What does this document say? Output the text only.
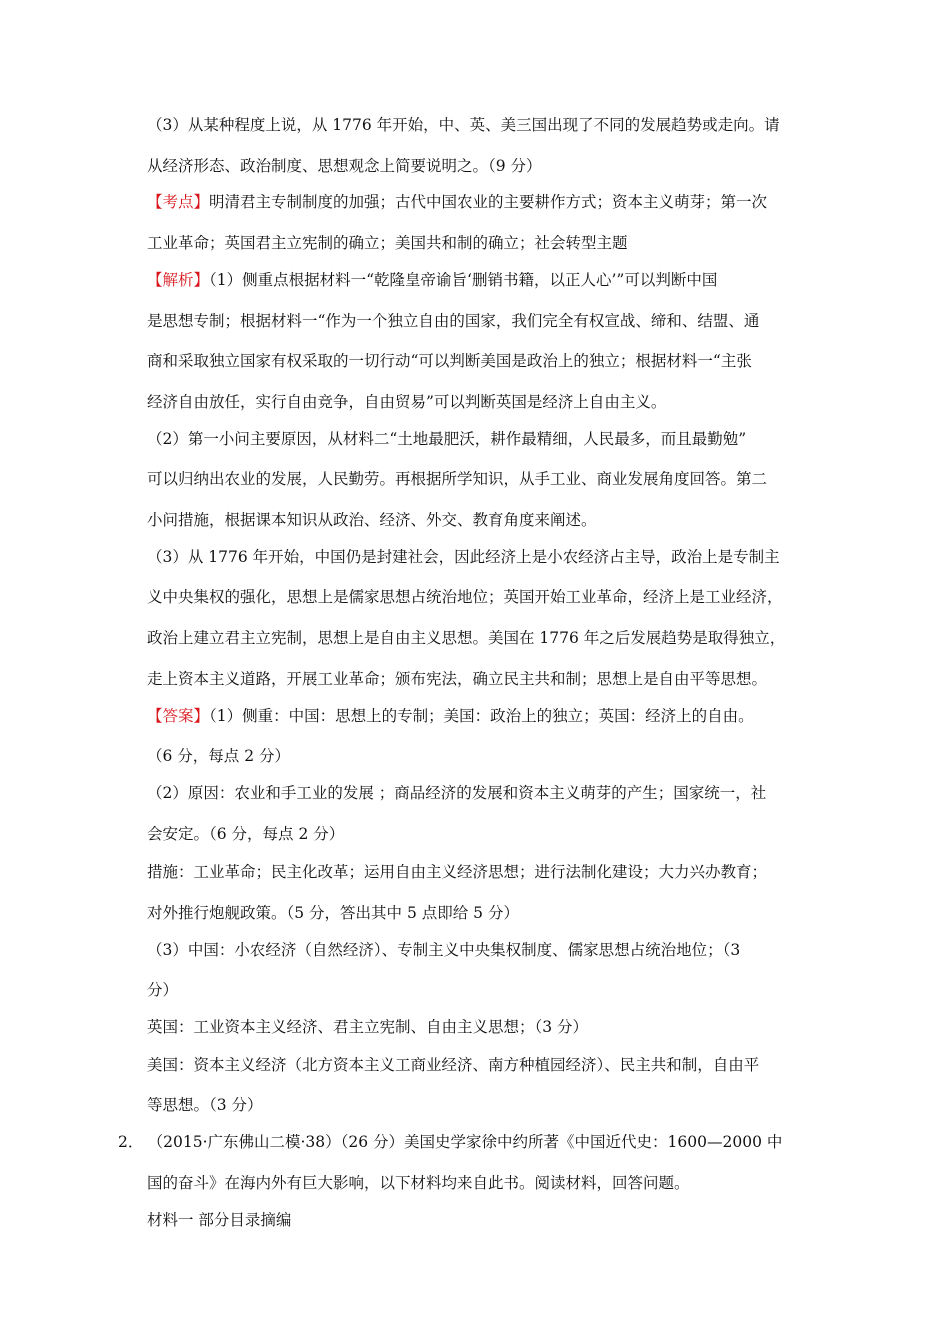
（3）从某种程度上说，从 1776 年开始，中、英、美三国出现了不同的发展趋势或走向。请
从经济形态、政治制度、思想观念上简要说明之。（9 分）
【考点】明清君主专制制度的加强；古代中国农业的主要耕作方式；资本主义萌芽；第一次
工业革命；英国君主立宪制的确立；美国共和制的确立；社会转型主题
【解析】（1）侧重点根据材料一“乾隆皇帝谕旨‘删销书籍，以正人心’”可以判断中国
是思想专制；根据材料一“作为一个独立自由的国家，我们完全有权宣战、缔和、结盟、通
商和采取独立国家有权采取的一切行动“可以判断美国是政治上的独立；根据材料一“主张
经济自由放任，实行自由竞争，自由贸易”可以判断英国是经济上自由主义。
（2）第一小问主要原因，从材料二“土地最肥沃，耕作最精细，人民最多，而且最勤勉”
可以归纳出农业的发展，人民勤劳。再根据所学知识，从手工业、商业发展角度回答。第二
小问措施，根据课本知识从政治、经济、外交、教育角度来阐述。
（3）从 1776 年开始，中国仍是封建社会，因此经济上是小农经济占主导，政治上是专制主
义中央集权的强化，思想上是儒家思想占统治地位；英国开始工业革命，经济上是工业经济，
政治上建立君主立宪制，思想上是自由主义思想。美国在 1776 年之后发展趋势是取得独立，
走上资本主义道路，开展工业革命；颁布宪法，确立民主共和制；思想上是自由平等思想。
【答案】（1）侧重：中国：思想上的专制；美国：政治上的独立；英国：经济上的自由。
（6 分，每点 2 分）
（2）原因：农业和手工业的发展 ；商品经济的发展和资本主义萌芽的产生；国家统一，社
会安定。（6 分，每点 2 分）
措施：工业革命；民主化改革；运用自由主义经济思想；进行法制化建设；大力兴办教育；
对外推行炮舰政策。（5 分，答出其中 5 点即给 5 分）
（3）中国：小农经济（自然经济）、专制主义中央集权制度、儒家思想占统治地位；（3
分）
英国：工业资本主义经济、君主立宪制、自由主义思想；（3 分）
美国：资本主义经济（北方资本主义工商业经济、南方种植园经济）、民主共和制，自由平
等思想。（3 分）
2． （2015·广东佛山二模·38）（26 分）美国史学家徐中约所著《中国近代史：1600—2000 中
国的奋斗》在海内外有巨大影响，以下材料均来自此书。阅读材料，回答问题。
材料一 部分目录摘编
